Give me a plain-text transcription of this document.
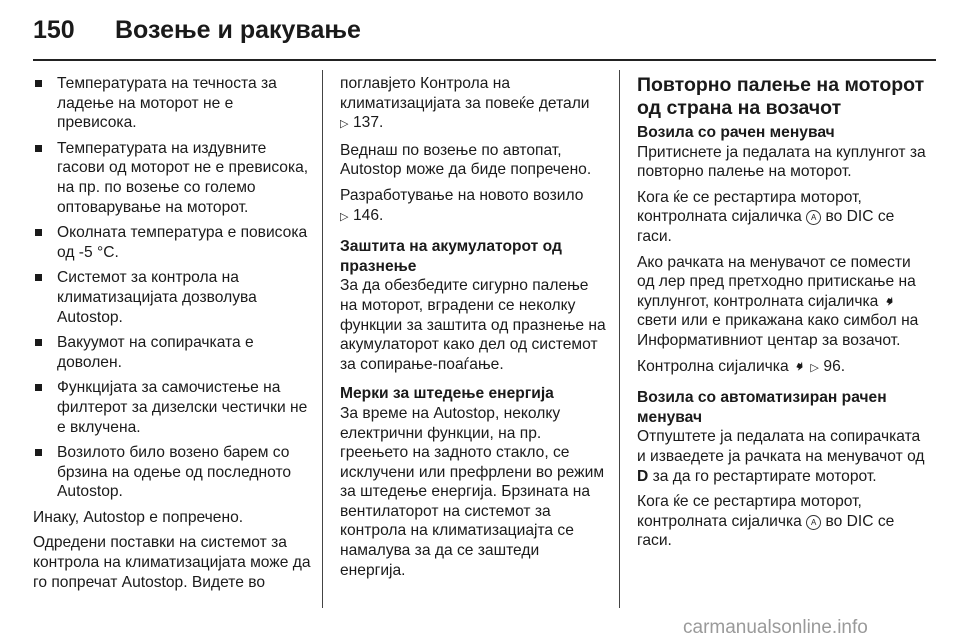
150 Возење и ракување
Температурата на течноста за ладење на моторот не е превисока.
Температурата на издувните гасови од моторот не е превисока, на пр. по возење со големо оптоварување на моторот.
Околната температура е повисока од -5 °C.
Системот за контрола на климатизацијата дозволува Autostop.
Вакуумот на сопирачката е доволен.
Функцијата за самочистење на филтерот за дизелски честички не е вклучена.
Возилото било возено барем со брзина на одење од последното Autostop.

Инаку, Autostop е попречено.

Одредени поставки на системот за контрола на климатизацијата може да го попречат Autostop. Видете во

поглавјето Контрола на климатизацијата за повеќе детали
▷ 137.

Веднаш по возење по автопат, Autostop може да биде попречено.

Разработување на новото возило
▷ 146.

Заштита на акумулаторот од празнење

За да обезбедите сигурно палење на моторот, вградени се неколку функции за заштита од празнење на акумулаторот како дел од системот за сопирање-поаѓање.

Мерки за штедење енергија

За време на Autostop, неколку електрични функции, на пр. греењето на задното стакло, се исклучени или префрлени во режим за штедење енергија. Брзината на вентилаторот на системот за контрола на климатизациајта се намалува за да се заштеди енергија.

Повторно палење на моторот од страна на возачот
Возила со рачен менувач

Притиснете ја педалата на куплунгот за повторно палење на моторот.

Кога ќе се рестартира моторот, контролната сијаличка A во DIC се гаси.

Ако рачката на менувачот се помести од лер пред претходно притискање на куплунгот, контролната сијаличка ➧ свети или е прикажана како симбол на Информативниот центар за возачот.

Контролна сијаличка ➧ ▷ 96.

Возила со автоматизиран рачен менувач

Отпуштете ја педалата на сопирачката и изваедете ја рачката на менувачот од D за да го рестартирате моторот.

Кога ќе се рестартира моторот, контролната сијаличка A во DIC се гаси.

carmanualsonline.info
